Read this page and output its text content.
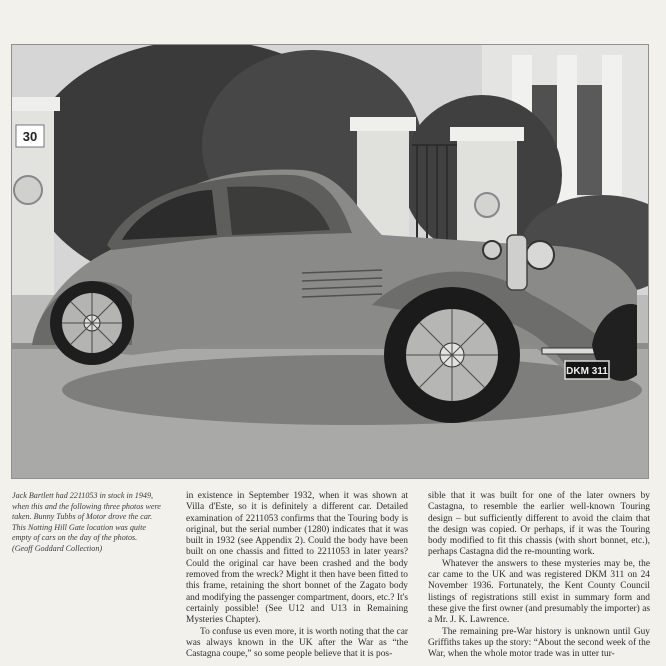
30
DKM 311

Jack Bartlett had 2211053 in stock in 1949,

when this and the following three photos were

taken. Bunny Tubbs of Motor drove the car.

This Notting Hill Gate location was quite

empty of cars on the day of the photos.

(Geoff Goddard Collection)

in existence in September 1932, when it was shown at Villa d'Este, so it is definitely a different car. Detailed examination of 2211053 confirms that the Touring body is original, but the serial number (1280) indicates that it was built in 1932 (see Appendix 2). Could the body have been built on one chassis and fitted to 2211053 in later years? Could the original car have been crashed and the body removed from the wreck? Might it then have been fitted to this frame, retaining the short bonnet of the Zagato body and modifying the passenger compartment, doors, etc.? It's certainly possible! (See U12 and U13 in Remaining Mysteries Chapter).

To confuse us even more, it is worth noting that the car was always known in the UK after the War as “the Castagna coupe,” so some people believe that it is pos-

sible that it was built for one of the later owners by Castagna, to resemble the earlier well-known Touring design – but sufficiently different to avoid the claim that the design was copied. Or perhaps, if it was the Touring body modified to fit this chassis (with short bonnet, etc.), perhaps Castagna did the re-mounting work.

Whatever the answers to these mysteries may be, the car came to the UK and was registered DKM 311 on 24 November 1936. Fortunately, the Kent County Council listings of registrations still exist in summary form and these give the first owner (and presumably the importer) as a Mr. J. K. Lawrence.

The remaining pre-War history is unknown until Guy Griffiths takes up the story: “About the second week of the War, when the whole motor trade was in utter tur-
